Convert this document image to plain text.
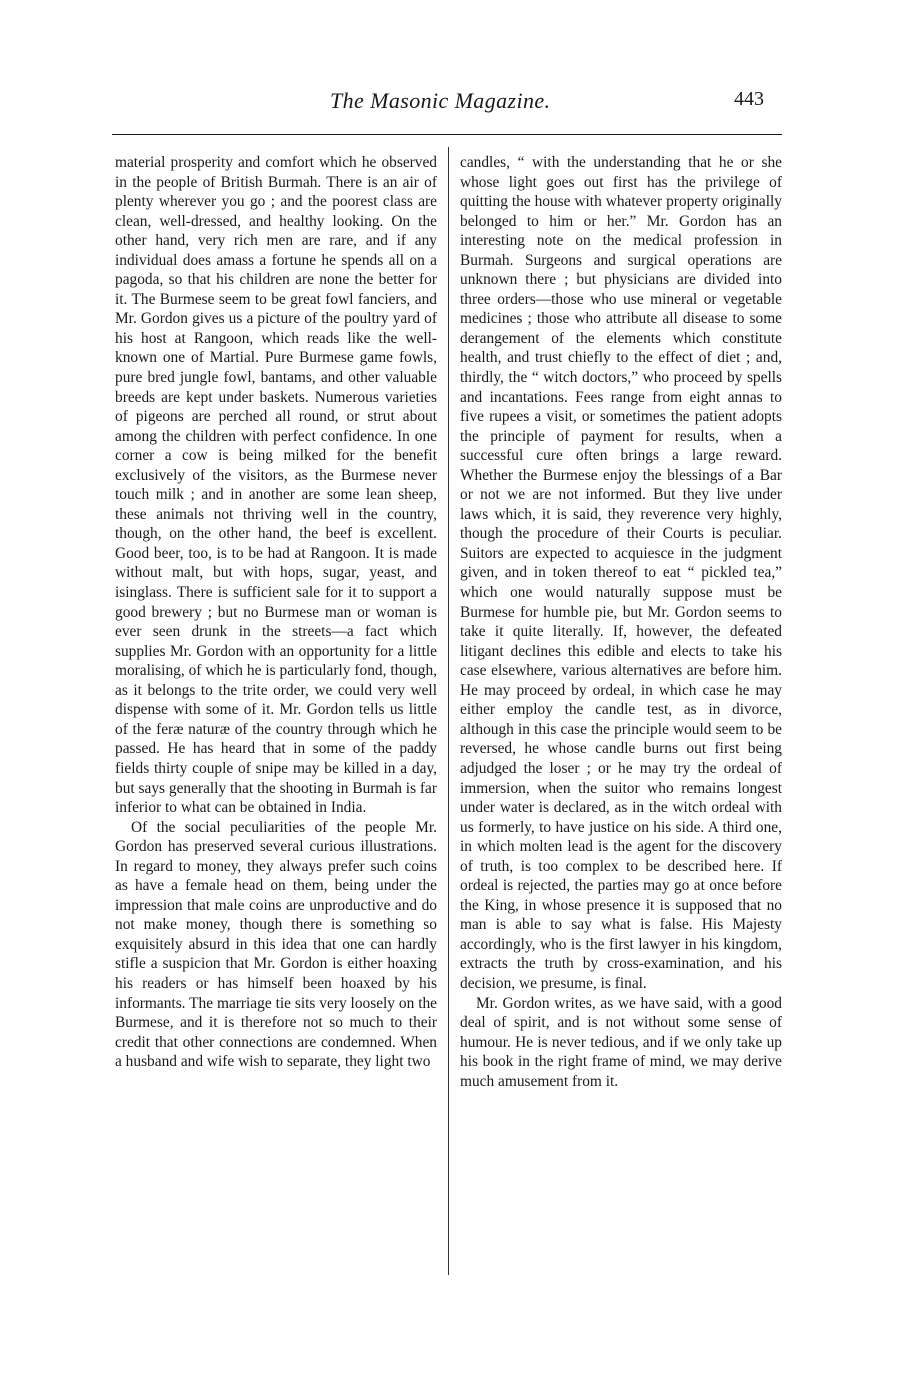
The Masonic Magazine.	443

material prosperity and comfort which he observed in the people of British Burmah. There is an air of plenty wherever you go ; and the poorest class are clean, well-dressed, and healthy looking. On the other hand, very rich men are rare, and if any individual does amass a fortune he spends all on a pagoda, so that his children are none the better for it. The Burmese seem to be great fowl fanciers, and Mr. Gordon gives us a picture of the poultry yard of his host at Rangoon, which reads like the well-known one of Martial. Pure Burmese game fowls, pure bred jungle fowl, bantams, and other valuable breeds are kept under baskets. Numerous varieties of pigeons are perched all round, or strut about among the children with perfect confidence. In one corner a cow is being milked for the benefit exclusively of the visitors, as the Burmese never touch milk ; and in another are some lean sheep, these animals not thriving well in the country, though, on the other hand, the beef is excellent. Good beer, too, is to be had at Rangoon. It is made without malt, but with hops, sugar, yeast, and isinglass. There is sufficient sale for it to support a good brewery ; but no Burmese man or woman is ever seen drunk in the streets—a fact which supplies Mr. Gordon with an opportunity for a little moralising, of which he is particularly fond, though, as it belongs to the trite order, we could very well dispense with some of it. Mr. Gordon tells us little of the feræ naturæ of the country through which he passed. He has heard that in some of the paddy fields thirty couple of snipe may be killed in a day, but says generally that the shooting in Burmah is far inferior to what can be obtained in India.

Of the social peculiarities of the people Mr. Gordon has preserved several curious illustrations. In regard to money, they always prefer such coins as have a female head on them, being under the impression that male coins are unproductive and do not make money, though there is something so exquisitely absurd in this idea that one can hardly stifle a suspicion that Mr. Gordon is either hoaxing his readers or has himself been hoaxed by his informants. The marriage tie sits very loosely on the Burmese, and it is therefore not so much to their credit that other connections are condemned. When a husband and wife wish to separate, they light two

candles, “ with the understanding that he or she whose light goes out first has the privilege of quitting the house with whatever property originally belonged to him or her.” Mr. Gordon has an interesting note on the medical profession in Burmah. Surgeons and surgical operations are unknown there ; but physicians are divided into three orders—those who use mineral or vegetable medicines ; those who attribute all disease to some derangement of the elements which constitute health, and trust chiefly to the effect of diet ; and, thirdly, the “ witch doctors,” who proceed by spells and incantations. Fees range from eight annas to five rupees a visit, or sometimes the patient adopts the principle of payment for results, when a successful cure often brings a large reward. Whether the Burmese enjoy the blessings of a Bar or not we are not informed. But they live under laws which, it is said, they reverence very highly, though the procedure of their Courts is peculiar. Suitors are expected to acquiesce in the judgment given, and in token thereof to eat “ pickled tea,” which one would naturally suppose must be Burmese for humble pie, but Mr. Gordon seems to take it quite literally. If, however, the defeated litigant declines this edible and elects to take his case elsewhere, various alternatives are before him. He may proceed by ordeal, in which case he may either employ the candle test, as in divorce, although in this case the principle would seem to be reversed, he whose candle burns out first being adjudged the loser ; or he may try the ordeal of immersion, when the suitor who remains longest under water is declared, as in the witch ordeal with us formerly, to have justice on his side. A third one, in which molten lead is the agent for the discovery of truth, is too complex to be described here. If ordeal is rejected, the parties may go at once before the King, in whose presence it is supposed that no man is able to say what is false. His Majesty accordingly, who is the first lawyer in his kingdom, extracts the truth by cross-examination, and his decision, we presume, is final.

Mr. Gordon writes, as we have said, with a good deal of spirit, and is not without some sense of humour. He is never tedious, and if we only take up his book in the right frame of mind, we may derive much amusement from it.
